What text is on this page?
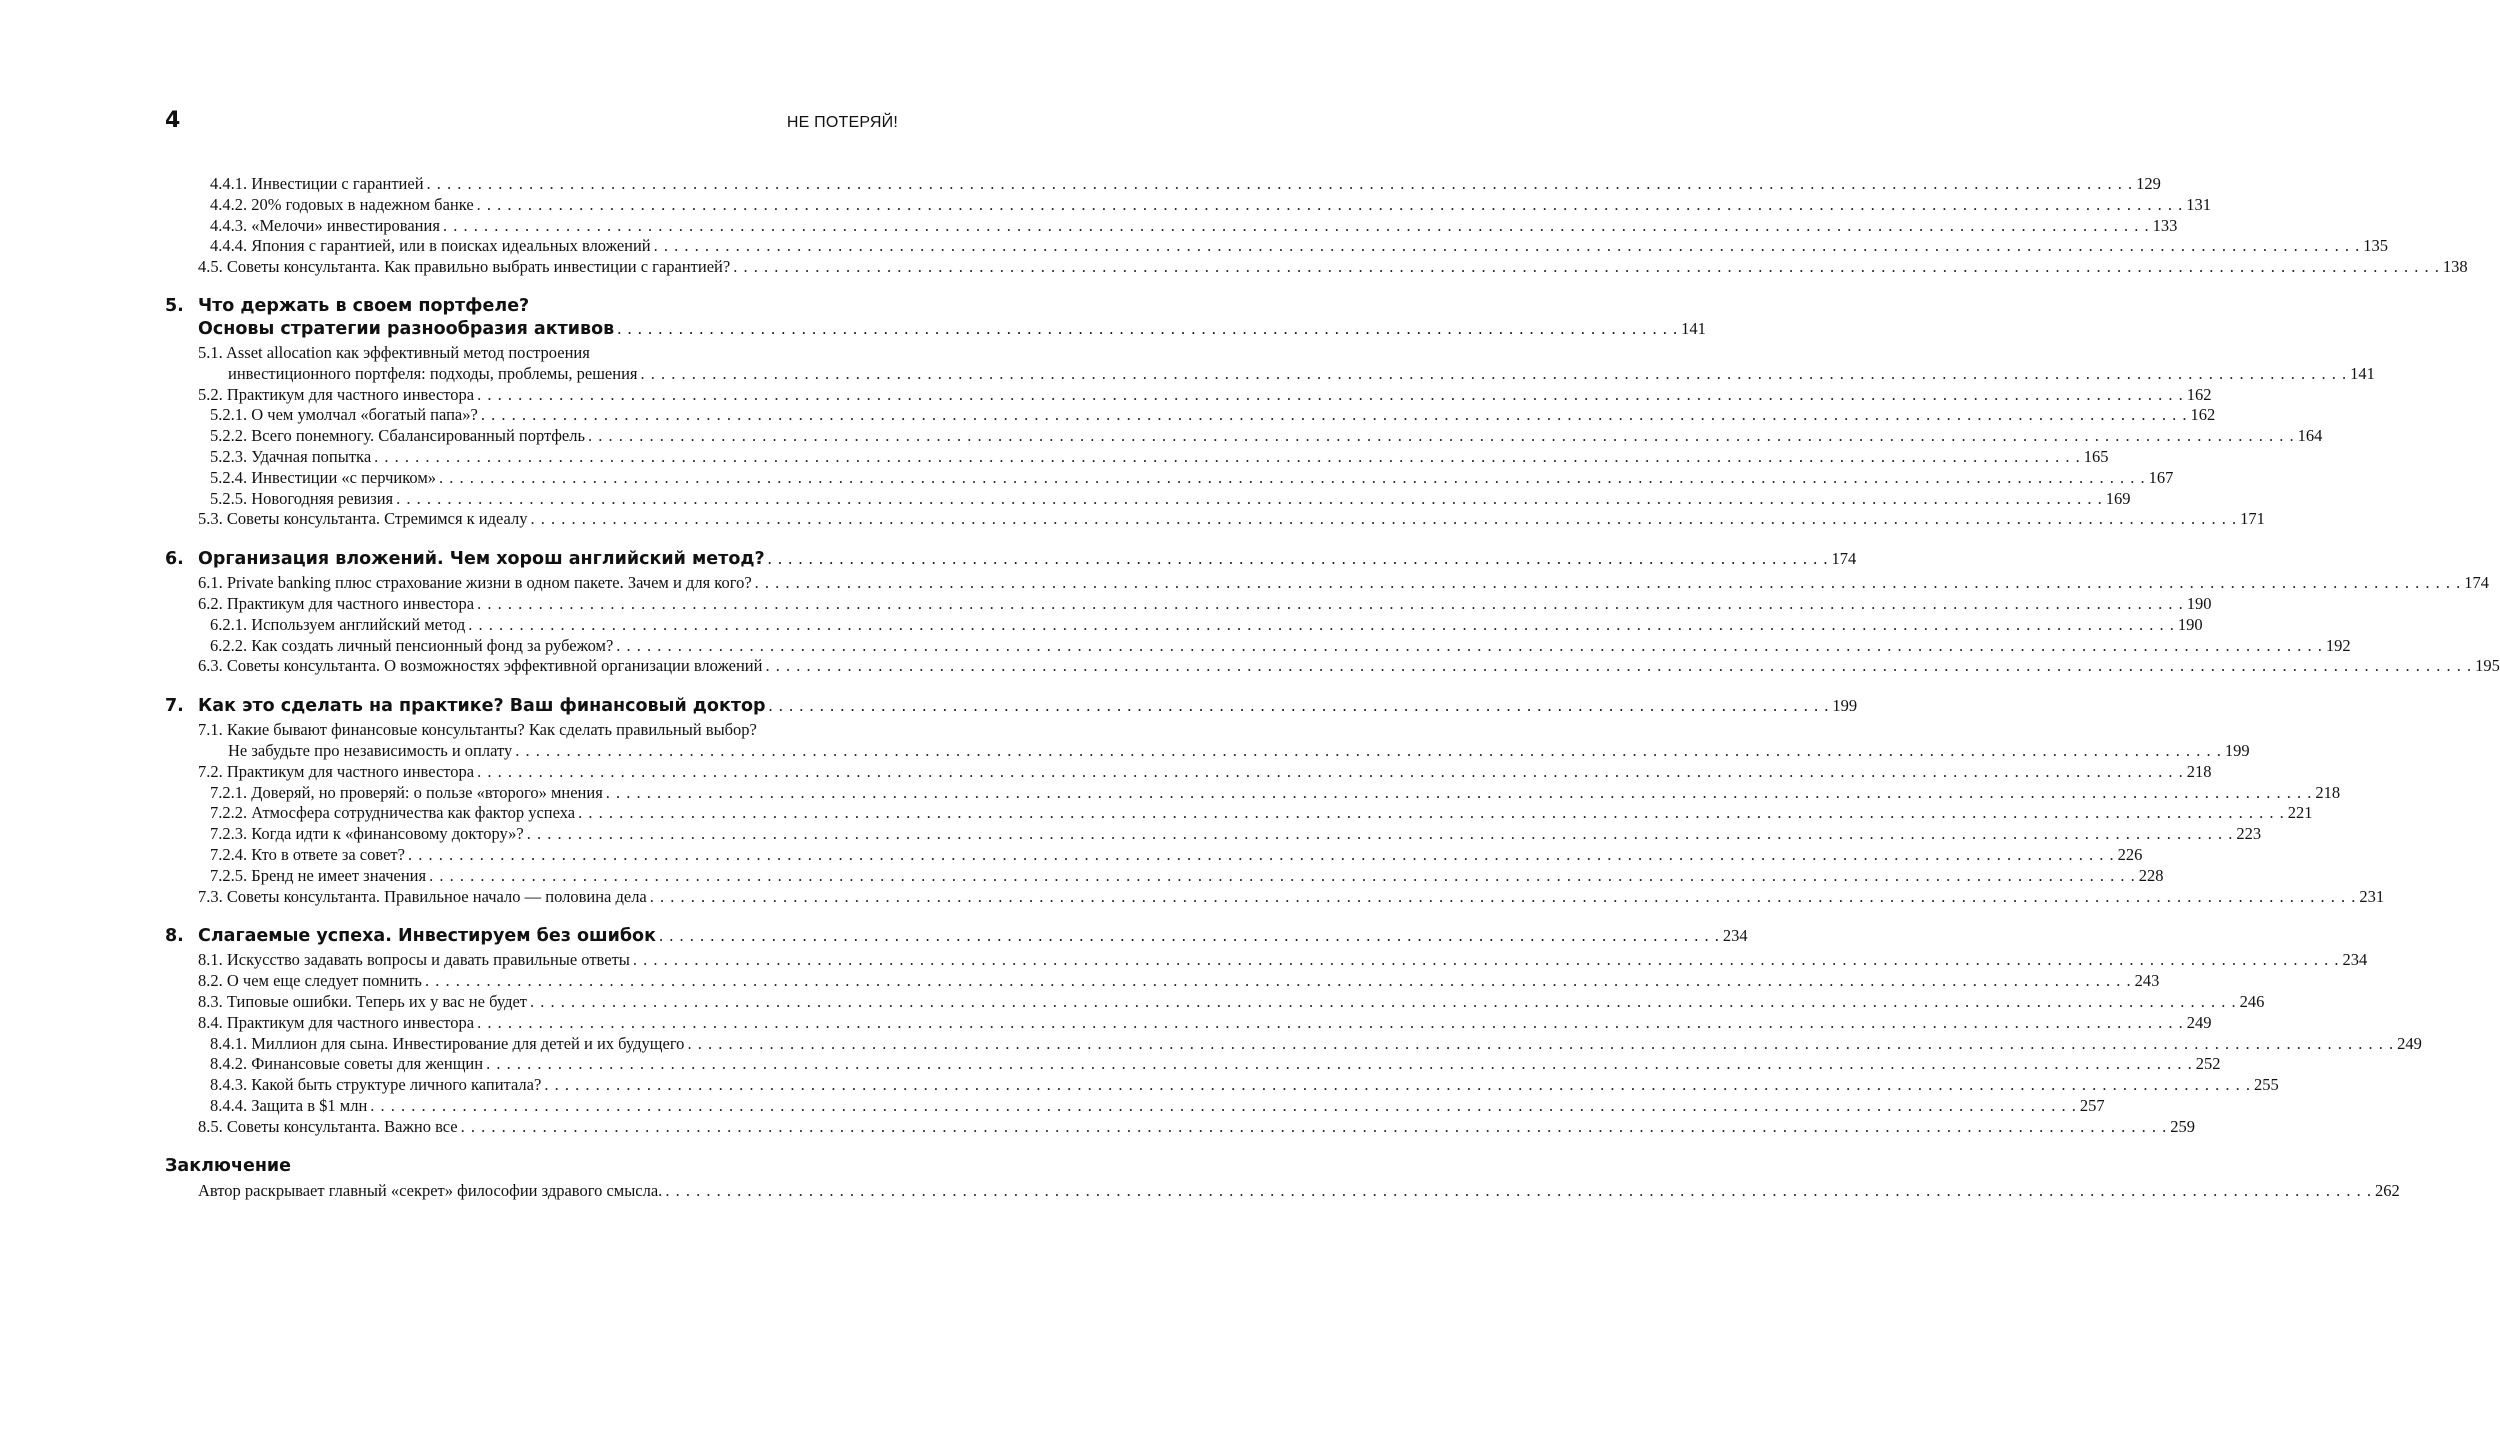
4	НЕ ПОТЕРЯЙ!
4.4.1. Инвестиции с гарантией . . .	129
4.4.2. 20% годовых в надежном банке . . .	131
4.4.3. «Мелочи» инвестирования . . .	133
4.4.4. Япония с гарантией, или в поисках идеальных вложений . . .	135
4.5. Советы консультанта. Как правильно выбрать инвестиции с гарантией? . . .	138
5. Что держать в своем портфеле?
Основы стратегии разнообразия активов . . .	141
5.1. Asset allocation как эффективный метод построения
инвестиционного портфеля: подходы, проблемы, решения . . .	141
5.2. Практикум для частного инвестора . . .	162
5.2.1. О чем умолчал «богатый папа»? . . .	162
5.2.2. Всего понемногу. Сбалансированный портфель . . .	164
5.2.3. Удачная попытка . . .	165
5.2.4. Инвестиции «с перчиком» . . .	167
5.2.5. Новогодняя ревизия . . .	169
5.3. Советы консультанта. Стремимся к идеалу . . .	171
6. Организация вложений. Чем хорош английский метод? . . .	174
6.1. Private banking плюс страхование жизни в одном пакете. Зачем и для кого? . . .	174
6.2. Практикум для частного инвестора . . .	190
6.2.1. Используем английский метод . . .	190
6.2.2. Как создать личный пенсионный фонд за рубежом? . . .	192
6.3. Советы консультанта. О возможностях эффективной организации вложений . . .	195
7. Как это сделать на практике? Ваш финансовый доктор . . .	199
7.1. Какие бывают финансовые консультанты? Как сделать правильный выбор?
Не забудьте про независимость и оплату . . .	199
7.2. Практикум для частного инвестора . . .	218
7.2.1. Доверяй, но проверяй: о пользе «второго» мнения . . .	218
7.2.2. Атмосфера сотрудничества как фактор успеха . . .	221
7.2.3. Когда идти к «финансовому доктору»? . . .	223
7.2.4. Кто в ответе за совет? . . .	226
7.2.5. Бренд не имеет значения . . .	228
7.3. Советы консультанта. Правильное начало — половина дела . . .	231
8. Слагаемые успеха. Инвестируем без ошибок . . .	234
8.1. Искусство задавать вопросы и давать правильные ответы . . .	234
8.2. О чем еще следует помнить . . .	243
8.3. Типовые ошибки. Теперь их у вас не будет . . .	246
8.4. Практикум для частного инвестора . . .	249
8.4.1. Миллион для сына. Инвестирование для детей и их будущего . . .	249
8.4.2. Финансовые советы для женщин . . .	252
8.4.3. Какой быть структуре личного капитала? . . .	255
8.4.4. Защита в $1 млн . . .	257
8.5. Советы консультанта. Важно все . . .	259
Заключение
Автор раскрывает главный «секрет» философии здравого смысла. . . .	262
